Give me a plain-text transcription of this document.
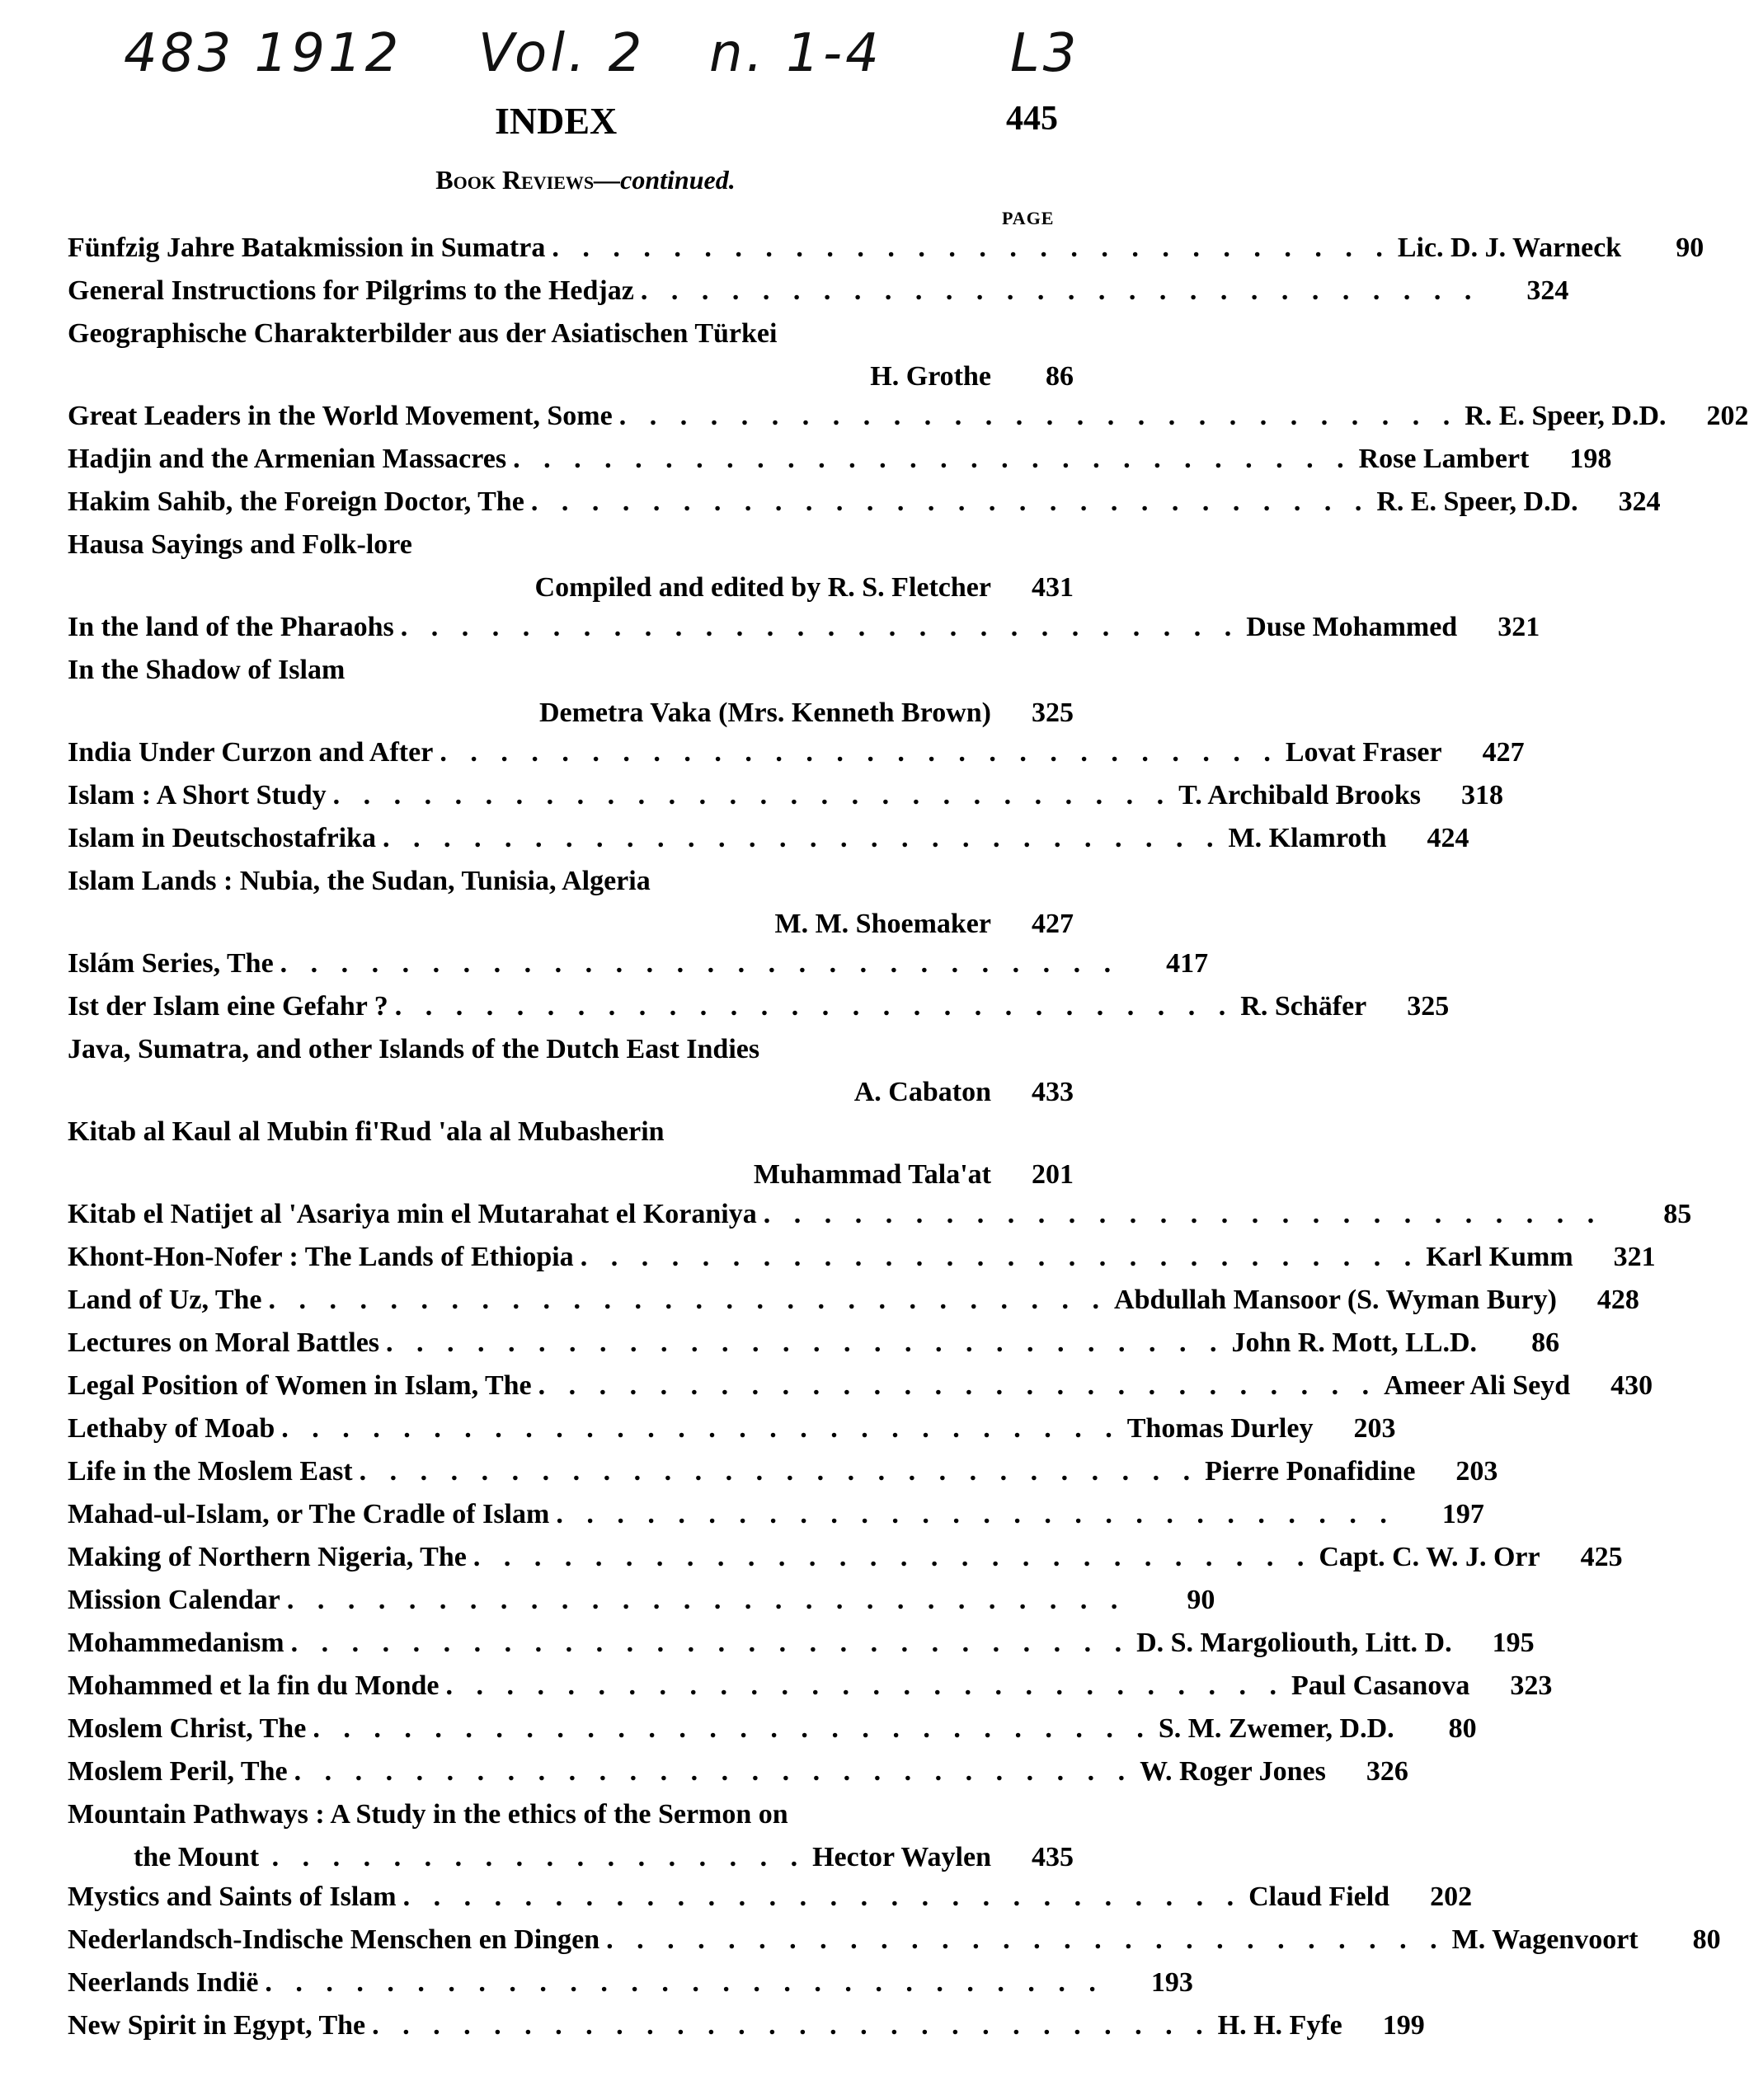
483 1912 Vol. 2 n. 1-4 L3
INDEX	445
Book Reviews—continued.
PAGE
Fünfzig Jahre Batakmission in Sumatra . . . . . . . . . . . . . . . . . . . . . . . . . . . . Lic. D. J. Warneck	90
General Instructions for Pilgrims to the Hedjaz . . . . . . . . . . . . . . . . . . . . . . . . . . . .	324
Geographische Charakterbilder aus der Asiatischen Türkei
H. Grothe	86
Great Leaders in the World Movement, Some . . . . . . . . . . . . . . . . . . . . . . . . . . . . R. E. Speer, D.D.	202
Hadjin and the Armenian Massacres . . . . . . . . . . . . . . . . . . . . . . . . . . . . Rose Lambert	198
Hakim Sahib, the Foreign Doctor, The . . . . . . . . . . . . . . . . . . . . . . . . . . . . R. E. Speer, D.D.	324
Hausa Sayings and Folk-lore
Compiled and edited by R. S. Fletcher	431
In the land of the Pharaohs . . . . . . . . . . . . . . . . . . . . . . . . . . . . Duse Mohammed	321
In the Shadow of Islam
Demetra Vaka (Mrs. Kenneth Brown)	325
India Under Curzon and After . . . . . . . . . . . . . . . . . . . . . . . . . . . . Lovat Fraser	427
Islam : A Short Study . . . . . . . . . . . . . . . . . . . . . . . . . . . . T. Archibald Brooks	318
Islam in Deutschostafrika . . . . . . . . . . . . . . . . . . . . . . . . . . . . M. Klamroth	424
Islam Lands : Nubia, the Sudan, Tunisia, Algeria
M. M. Shoemaker	427
Islám Series, The . . . . . . . . . . . . . . . . . . . . . . . . . . . .	417
Ist der Islam eine Gefahr ? . . . . . . . . . . . . . . . . . . . . . . . . . . . . R. Schäfer	325
Java, Sumatra, and other Islands of the Dutch East Indies
A. Cabaton	433
Kitab al Kaul al Mubin fi'Rud 'ala al Mubasherin
Muhammad Tala'at	201
Kitab el Natijet al 'Asariya min el Mutarahat el Koraniya . . . . . . . . . . . . . . . . . . . . . . . . . . . .	85
Khont-Hon-Nofer : The Lands of Ethiopia . . . . . . . . . . . . . . . . . . . . . . . . . . . . Karl Kumm	321
Land of Uz, The . . . . . . . . . . . . . . . . . . . . . . . . . . . . Abdullah Mansoor (S. Wyman Bury)	428
Lectures on Moral Battles . . . . . . . . . . . . . . . . . . . . . . . . . . . . John R. Mott, LL.D.	86
Legal Position of Women in Islam, The . . . . . . . . . . . . . . . . . . . . . . . . . . . . Ameer Ali Seyd	430
Lethaby of Moab . . . . . . . . . . . . . . . . . . . . . . . . . . . . Thomas Durley	203
Life in the Moslem East . . . . . . . . . . . . . . . . . . . . . . . . . . . . Pierre Ponafidine	203
Mahad-ul-Islam, or The Cradle of Islam . . . . . . . . . . . . . . . . . . . . . . . . . . . .	197
Making of Northern Nigeria, The . . . . . . . . . . . . . . . . . . . . . . . . . . . . Capt. C. W. J. Orr	425
Mission Calendar . . . . . . . . . . . . . . . . . . . . . . . . . . . .	90
Mohammedanism . . . . . . . . . . . . . . . . . . . . . . . . . . . . D. S. Margoliouth, Litt. D.	195
Mohammed et la fin du Monde . . . . . . . . . . . . . . . . . . . . . . . . . . . . Paul Casanova	323
Moslem Christ, The . . . . . . . . . . . . . . . . . . . . . . . . . . . . S. M. Zwemer, D.D.	80
Moslem Peril, The . . . . . . . . . . . . . . . . . . . . . . . . . . . . W. Roger Jones	326
Mountain Pathways : A Study in the ethics of the Sermon on
the Mount . . . . . . . . . . . . . . . . . . Hector Waylen	435
Mystics and Saints of Islam . . . . . . . . . . . . . . . . . . . . . . . . . . . . Claud Field	202
Nederlandsch-Indische Menschen en Dingen . . . . . . . . . . . . . . . . . . . . . . . . . . . . M. Wagenvoort	80
Neerlands Indië . . . . . . . . . . . . . . . . . . . . . . . . . . . .	193
New Spirit in Egypt, The . . . . . . . . . . . . . . . . . . . . . . . . . . . . H. H. Fyfe	199
